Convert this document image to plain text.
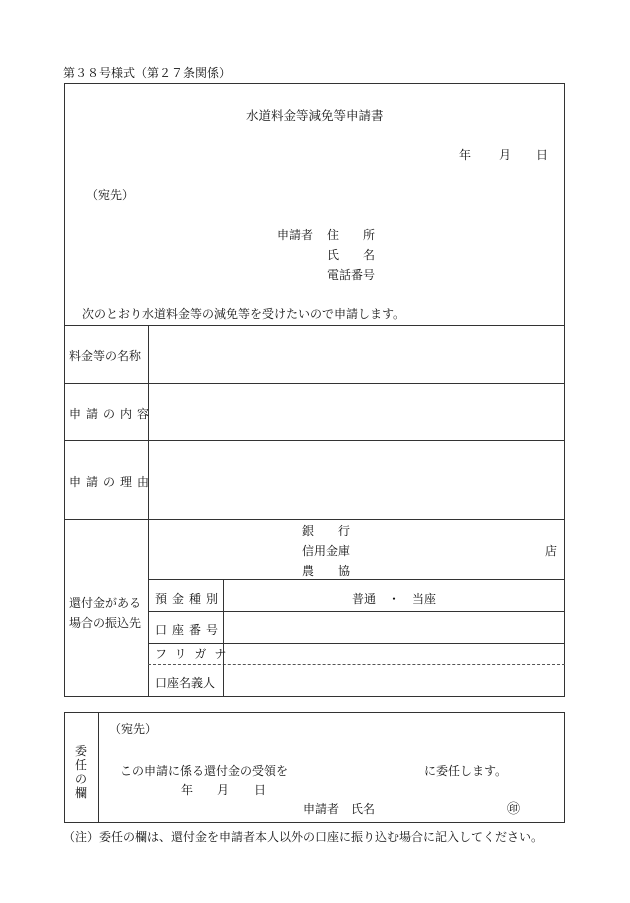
第３８号様式（第２７条関係）
水道料金等減免等申請書
年 月 日
（宛先）
申請者 住　　所
氏　　名
電話番号
次のとおり水道料金等の減免等を受けたいので申請します。
料金等の名称
申請の内容
申請の理由
銀　　行
信用金庫
農　　協
店
還付金がある
場合の振込先
預金種別	普通　・　当座
口座番号
フリガナ
口座名義人
委
任
の
欄
（宛先）
この申請に係る還付金の受領を	に委任します。
年 月 日
申請者　氏名	㊞
（注）委任の欄は、還付金を申請者本人以外の口座に振り込む場合に記入してください。
